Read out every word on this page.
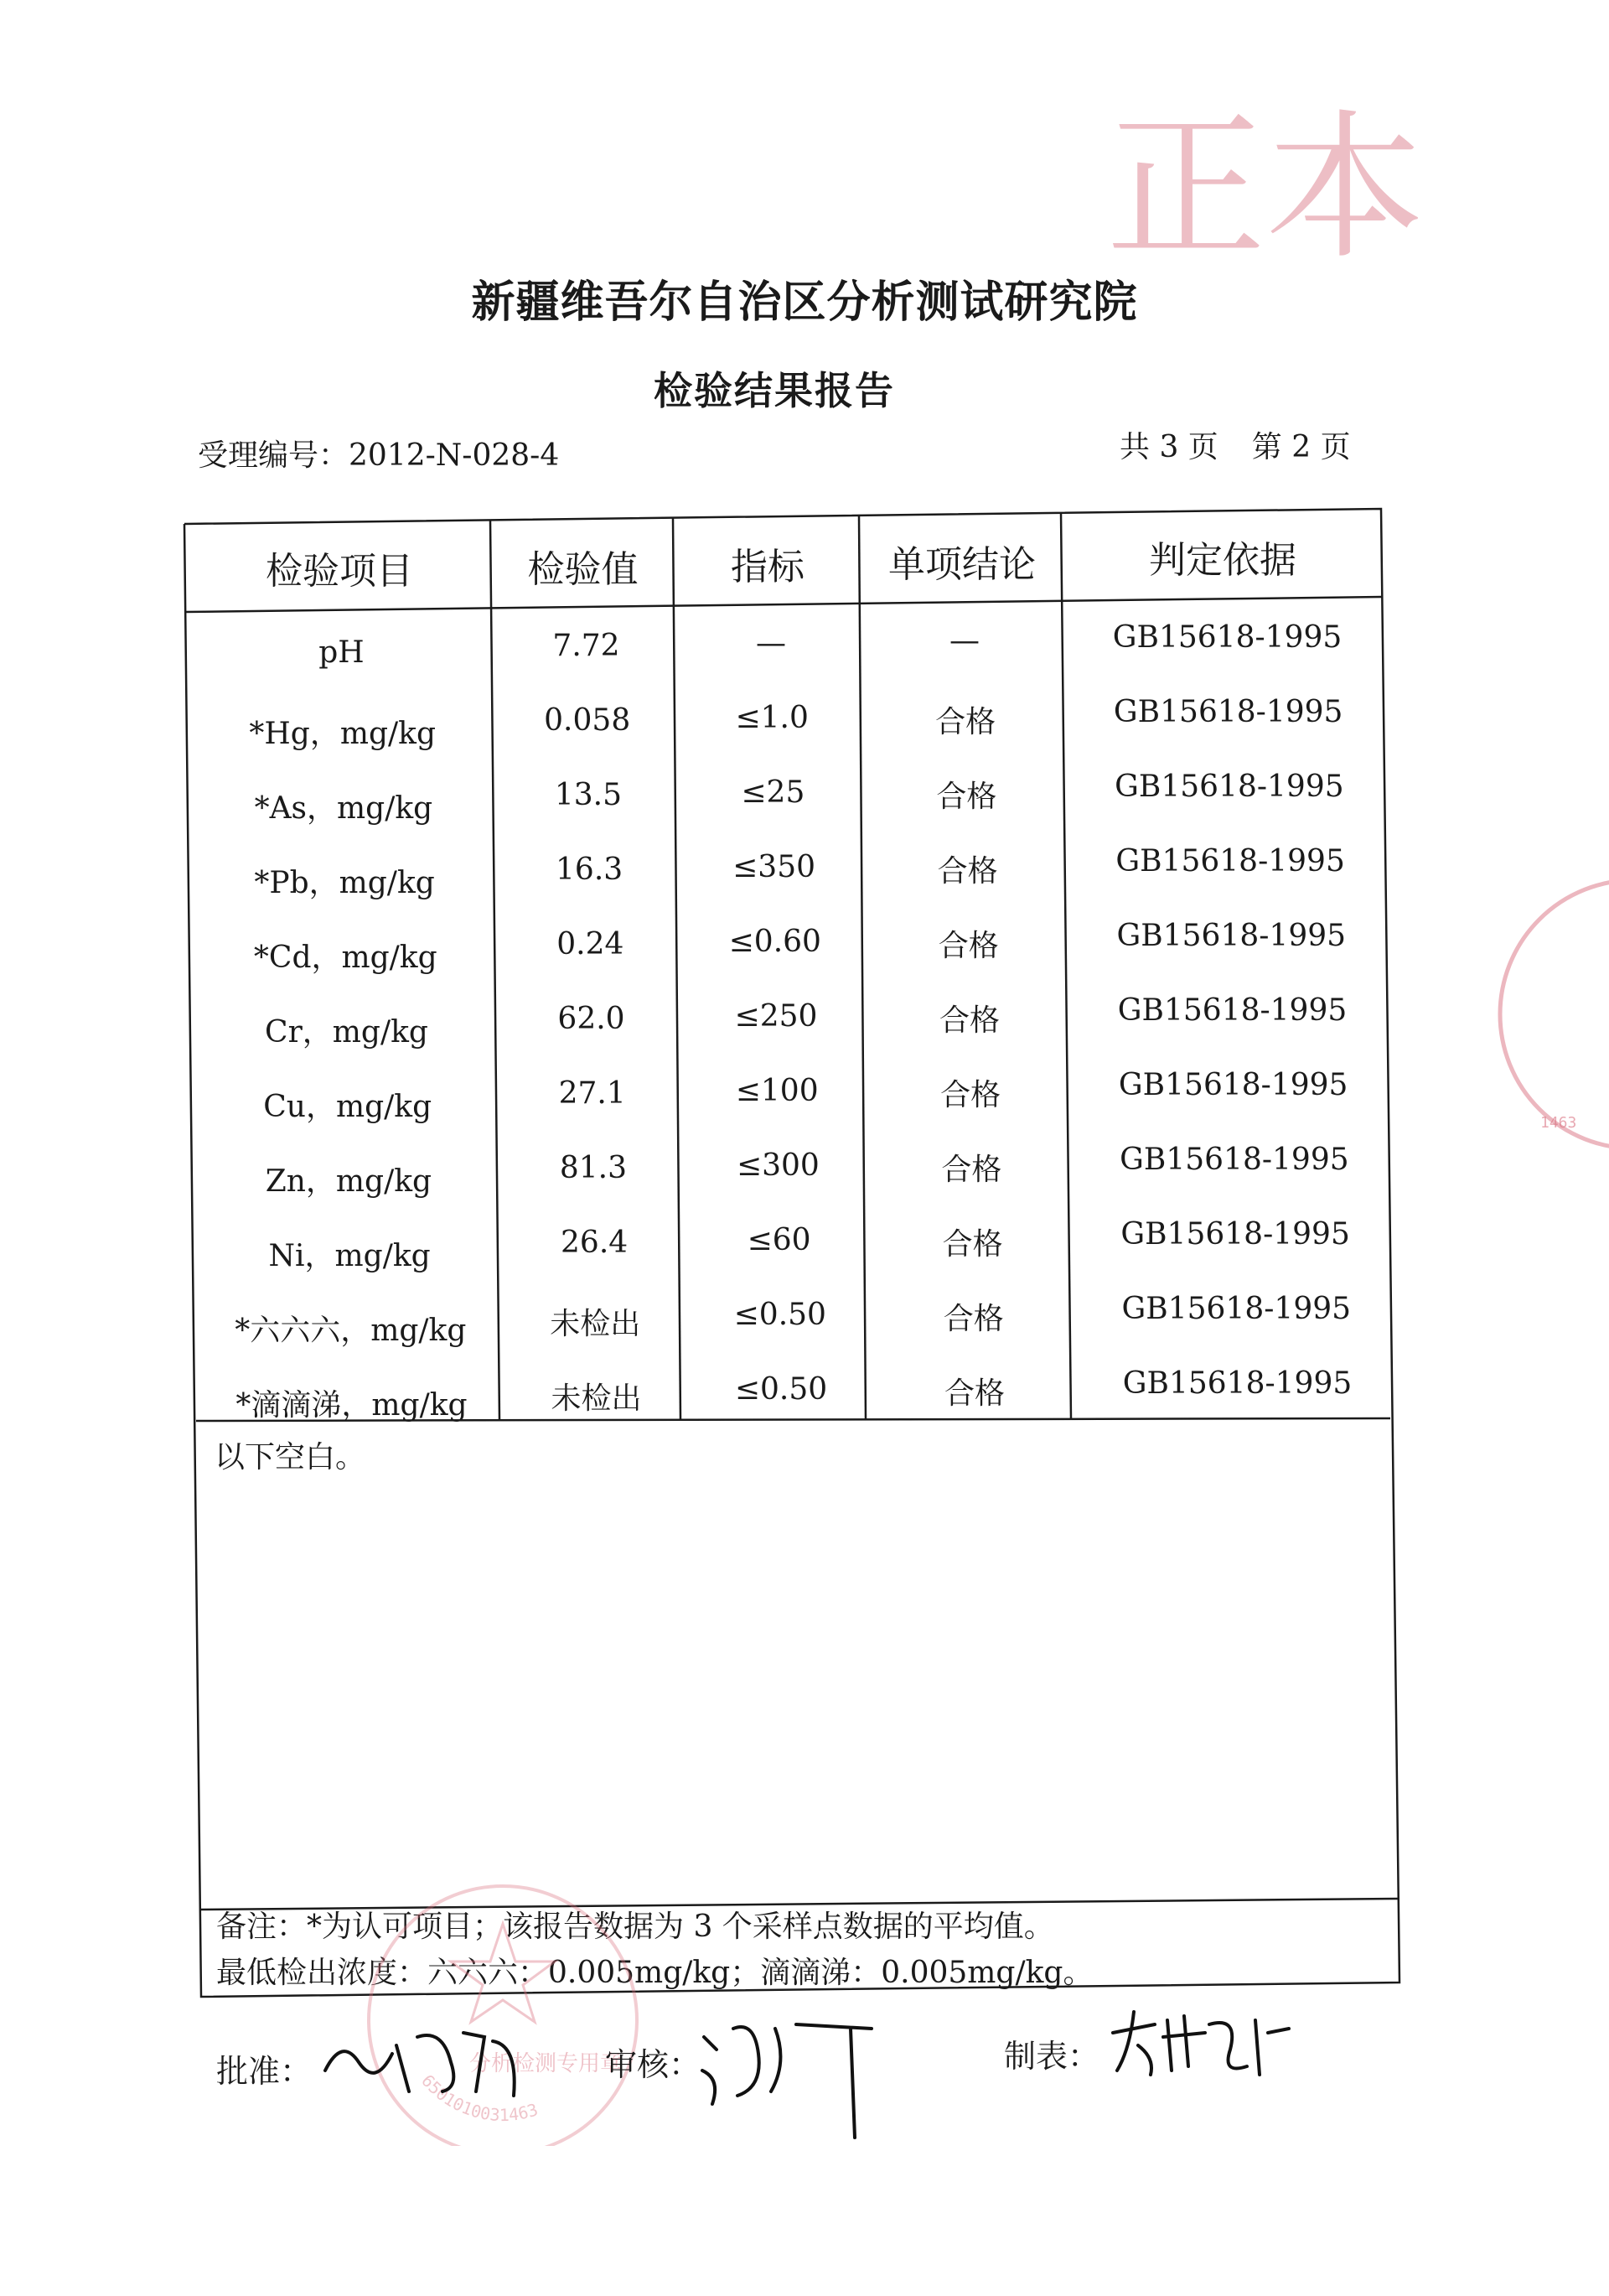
正本
新疆维吾尔自治区分析测试研究院
检验结果报告
受理编号：2012-N-028-4	共 3 页 第 2 页
检验项目	检验值	指标	单项结论	判定依据
pH	7.72	—	—	GB15618-1995
*Hg，mg/kg	0.058	≤1.0	合格	GB15618-1995
*As，mg/kg	13.5	≤25	合格	GB15618-1995
*Pb，mg/kg	16.3	≤350	合格	GB15618-1995
*Cd，mg/kg	0.24	≤0.60	合格	GB15618-1995
Cr，mg/kg	62.0	≤250	合格	GB15618-1995
Cu，mg/kg	27.1	≤100	合格	GB15618-1995
Zn，mg/kg	81.3	≤300	合格	GB15618-1995
Ni，mg/kg	26.4	≤60	合格	GB15618-1995
*六六六，mg/kg	未检出	≤0.50	合格	GB15618-1995
*滴滴涕，mg/kg	未检出	≤0.50	合格	GB15618-1995
以下空白。
备注：*为认可项目；该报告数据为 3 个采样点数据的平均值。
最低检出浓度：六六六：0.005mg/kg；滴滴涕：0.005mg/kg。
分析检测专用章
6501010031463
1463
批准：	审核：	制表：
